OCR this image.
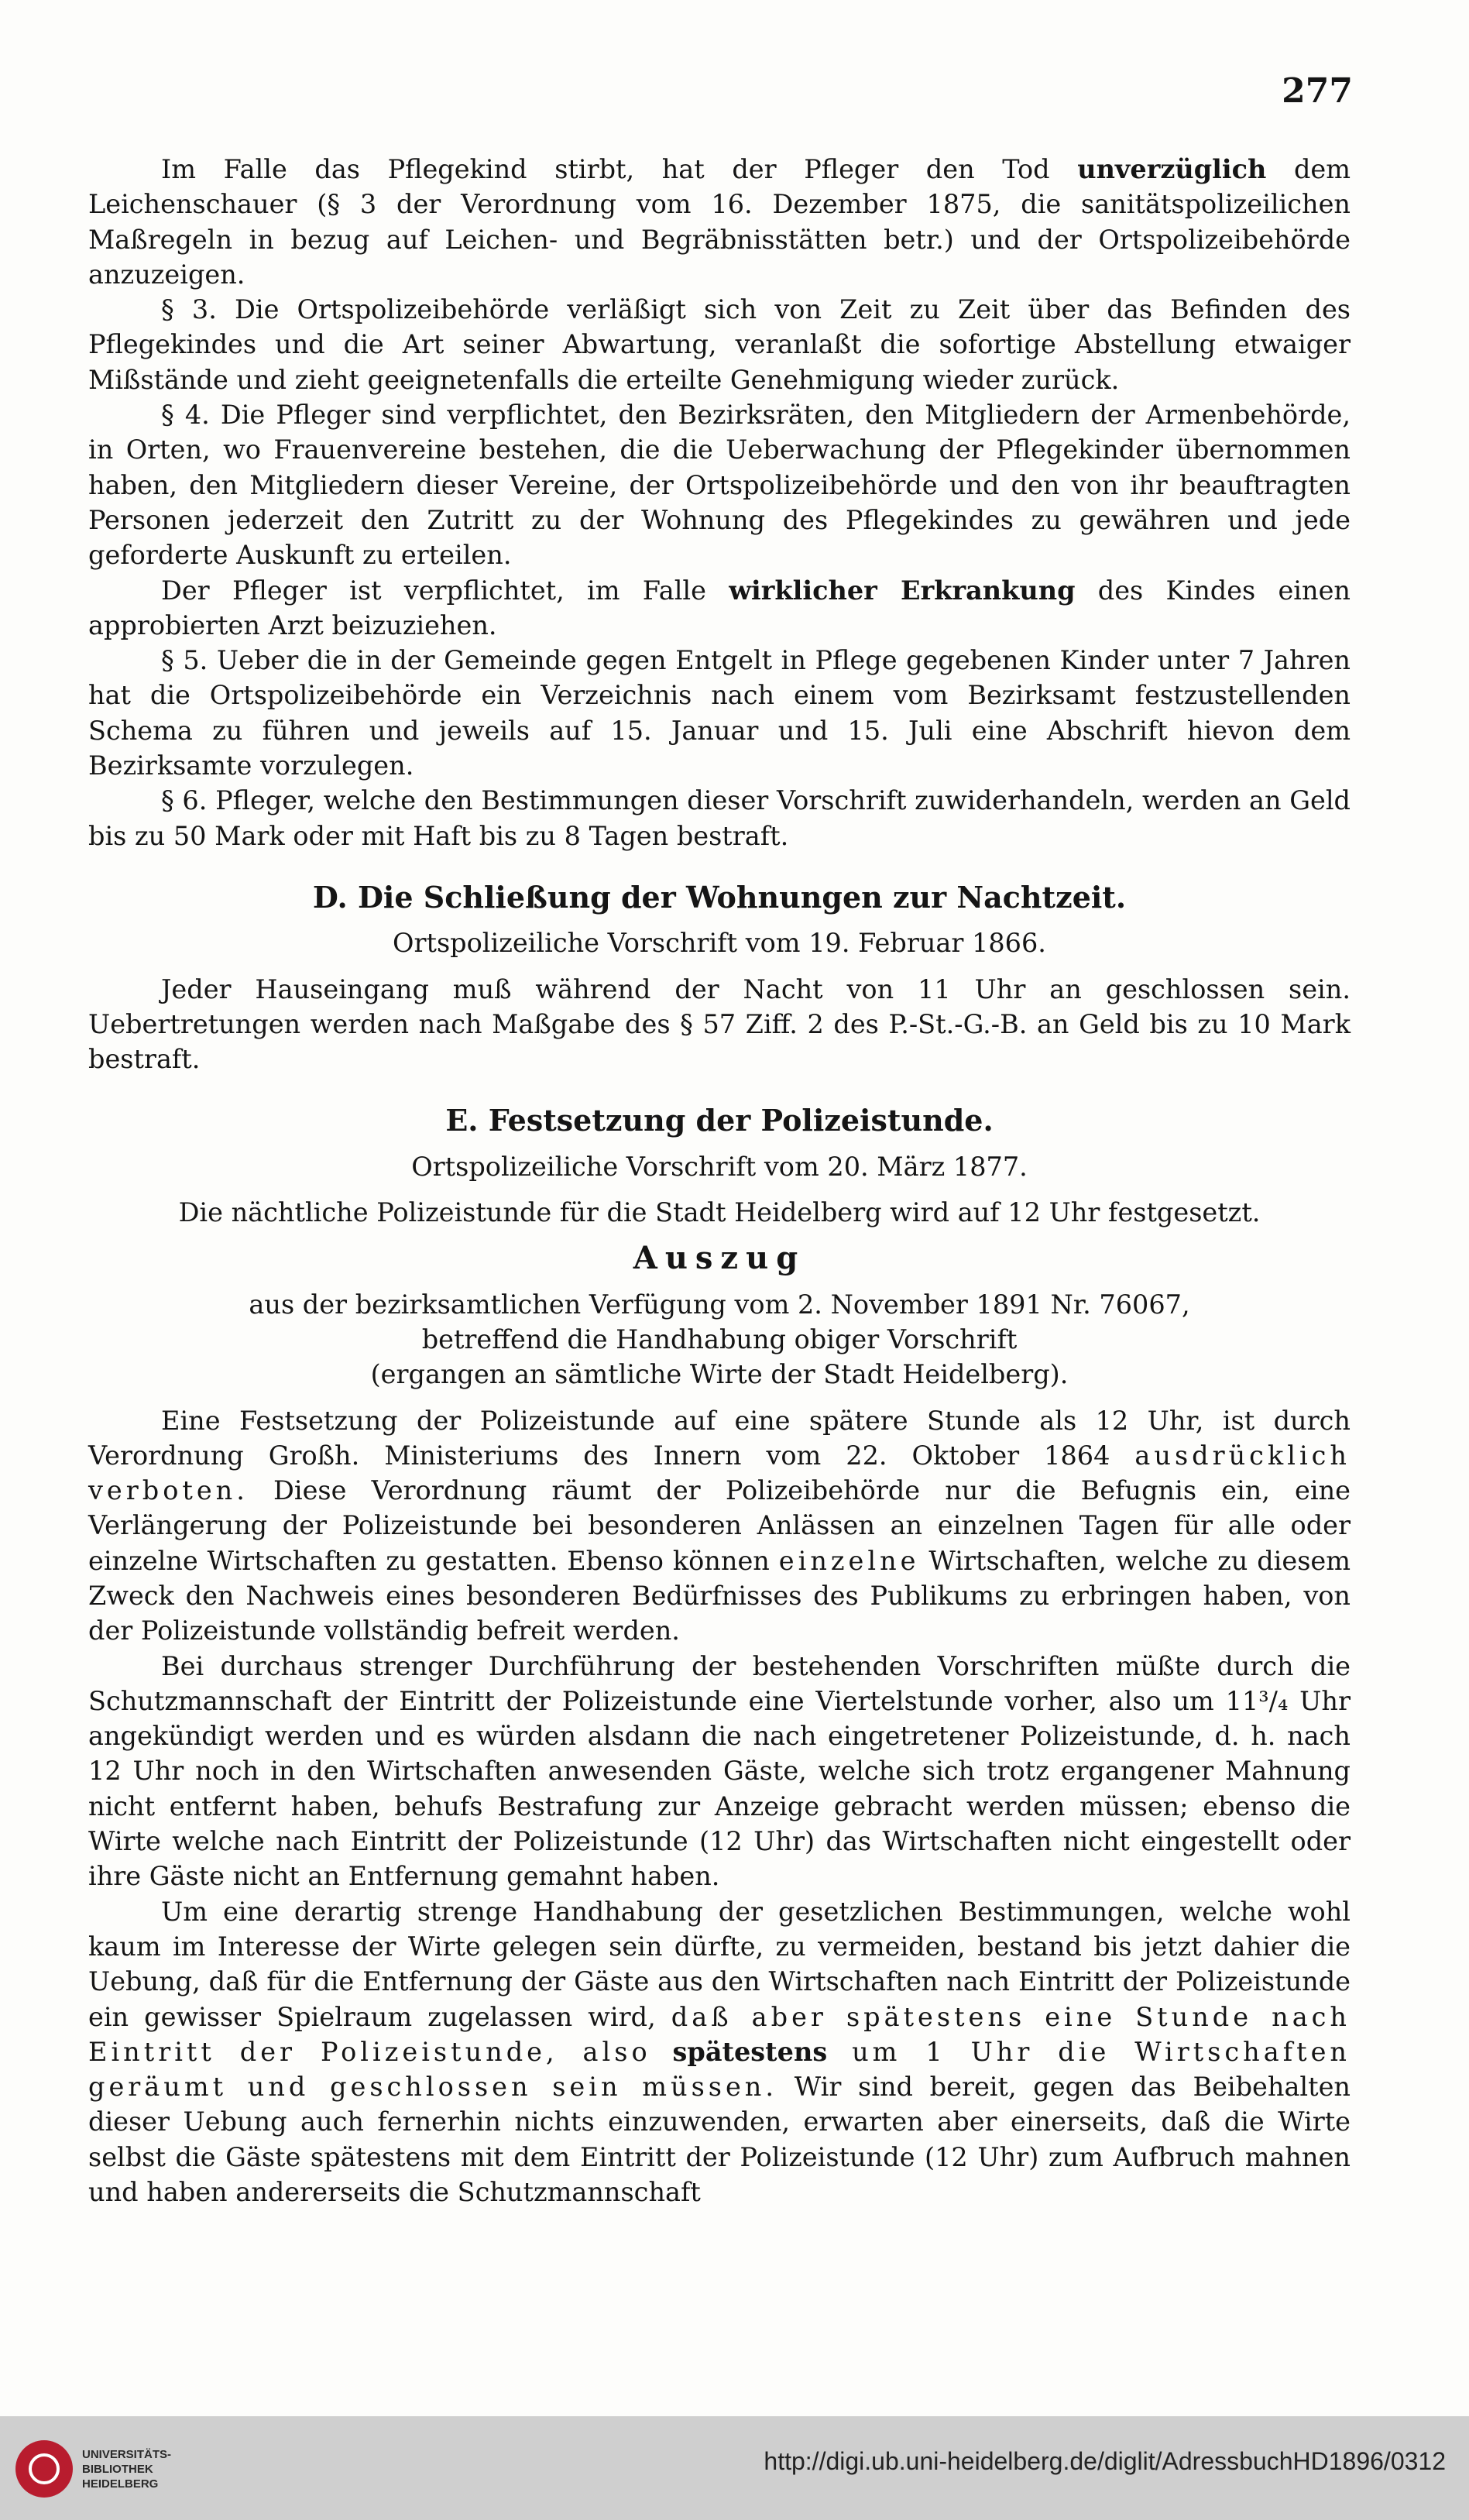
277

Im Falle das Pflegekind stirbt, hat der Pfleger den Tod unverzüglich dem Leichenschauer (§ 3 der Verordnung vom 16. Dezember 1875, die sanitätspolizeilichen Maßregeln in bezug auf Leichen- und Begräbnisstätten betr.) und der Ortspolizeibehörde anzuzeigen.

§ 3. Die Ortspolizeibehörde verläßigt sich von Zeit zu Zeit über das Befinden des Pflegekindes und die Art seiner Abwartung, veranlaßt die sofortige Abstellung etwaiger Mißstände und zieht geeignetenfalls die erteilte Genehmigung wieder zurück.

§ 4. Die Pfleger sind verpflichtet, den Bezirksräten, den Mitgliedern der Armenbehörde, in Orten, wo Frauenvereine bestehen, die die Ueberwachung der Pflegekinder übernommen haben, den Mitgliedern dieser Vereine, der Ortspolizeibehörde und den von ihr beauftragten Personen jederzeit den Zutritt zu der Wohnung des Pflegekindes zu gewähren und jede geforderte Auskunft zu erteilen.

Der Pfleger ist verpflichtet, im Falle wirklicher Erkrankung des Kindes einen approbierten Arzt beizuziehen.

§ 5. Ueber die in der Gemeinde gegen Entgelt in Pflege gegebenen Kinder unter 7 Jahren hat die Ortspolizeibehörde ein Verzeichnis nach einem vom Bezirksamt festzustellenden Schema zu führen und jeweils auf 15. Januar und 15. Juli eine Abschrift hievon dem Bezirksamte vorzulegen.

§ 6. Pfleger, welche den Bestimmungen dieser Vorschrift zuwiderhandeln, werden an Geld bis zu 50 Mark oder mit Haft bis zu 8 Tagen bestraft.

D. Die Schließung der Wohnungen zur Nachtzeit.

Ortspolizeiliche Vorschrift vom 19. Februar 1866.

Jeder Hauseingang muß während der Nacht von 11 Uhr an geschlossen sein. Uebertretungen werden nach Maßgabe des § 57 Ziff. 2 des P.-St.-G.-B. an Geld bis zu 10 Mark bestraft.

E. Festsetzung der Polizeistunde.

Ortspolizeiliche Vorschrift vom 20. März 1877.

Die nächtliche Polizeistunde für die Stadt Heidelberg wird auf 12 Uhr festgesetzt.

Auszug

aus der bezirksamtlichen Verfügung vom 2. November 1891 Nr. 76067,

betreffend die Handhabung obiger Vorschrift

(ergangen an sämtliche Wirte der Stadt Heidelberg).

Eine Festsetzung der Polizeistunde auf eine spätere Stunde als 12 Uhr, ist durch Verordnung Großh. Ministeriums des Innern vom 22. Oktober 1864 ausdrücklich verboten. Diese Verordnung räumt der Polizeibehörde nur die Befugnis ein, eine Verlängerung der Polizeistunde bei besonderen Anlässen an einzelnen Tagen für alle oder einzelne Wirtschaften zu gestatten. Ebenso können einzelne Wirtschaften, welche zu diesem Zweck den Nachweis eines besonderen Bedürfnisses des Publikums zu erbringen haben, von der Polizeistunde vollständig befreit werden.

Bei durchaus strenger Durchführung der bestehenden Vorschriften müßte durch die Schutzmannschaft der Eintritt der Polizeistunde eine Viertelstunde vorher, also um 11³/₄ Uhr angekündigt werden und es würden alsdann die nach eingetretener Polizeistunde, d. h. nach 12 Uhr noch in den Wirtschaften anwesenden Gäste, welche sich trotz ergangener Mahnung nicht entfernt haben, behufs Bestrafung zur Anzeige gebracht werden müssen; ebenso die Wirte welche nach Eintritt der Polizeistunde (12 Uhr) das Wirtschaften nicht eingestellt oder ihre Gäste nicht an Entfernung gemahnt haben.

Um eine derartig strenge Handhabung der gesetzlichen Bestimmungen, welche wohl kaum im Interesse der Wirte gelegen sein dürfte, zu vermeiden, bestand bis jetzt dahier die Uebung, daß für die Entfernung der Gäste aus den Wirtschaften nach Eintritt der Polizeistunde ein gewisser Spielraum zugelassen wird, daß aber spätestens eine Stunde nach Eintritt der Polizeistunde, also spätestens um 1 Uhr die Wirtschaften geräumt und geschlossen sein müssen. Wir sind bereit, gegen das Beibehalten dieser Uebung auch fernerhin nichts einzuwenden, erwarten aber einerseits, daß die Wirte selbst die Gäste spätestens mit dem Eintritt der Polizeistunde (12 Uhr) zum Aufbruch mahnen und haben andererseits die Schutzmannschaft

UNIVERSITÄTS-
BIBLIOTHEK
HEIDELBERG
http://digi.ub.uni-heidelberg.de/diglit/AdressbuchHD1896/0312
